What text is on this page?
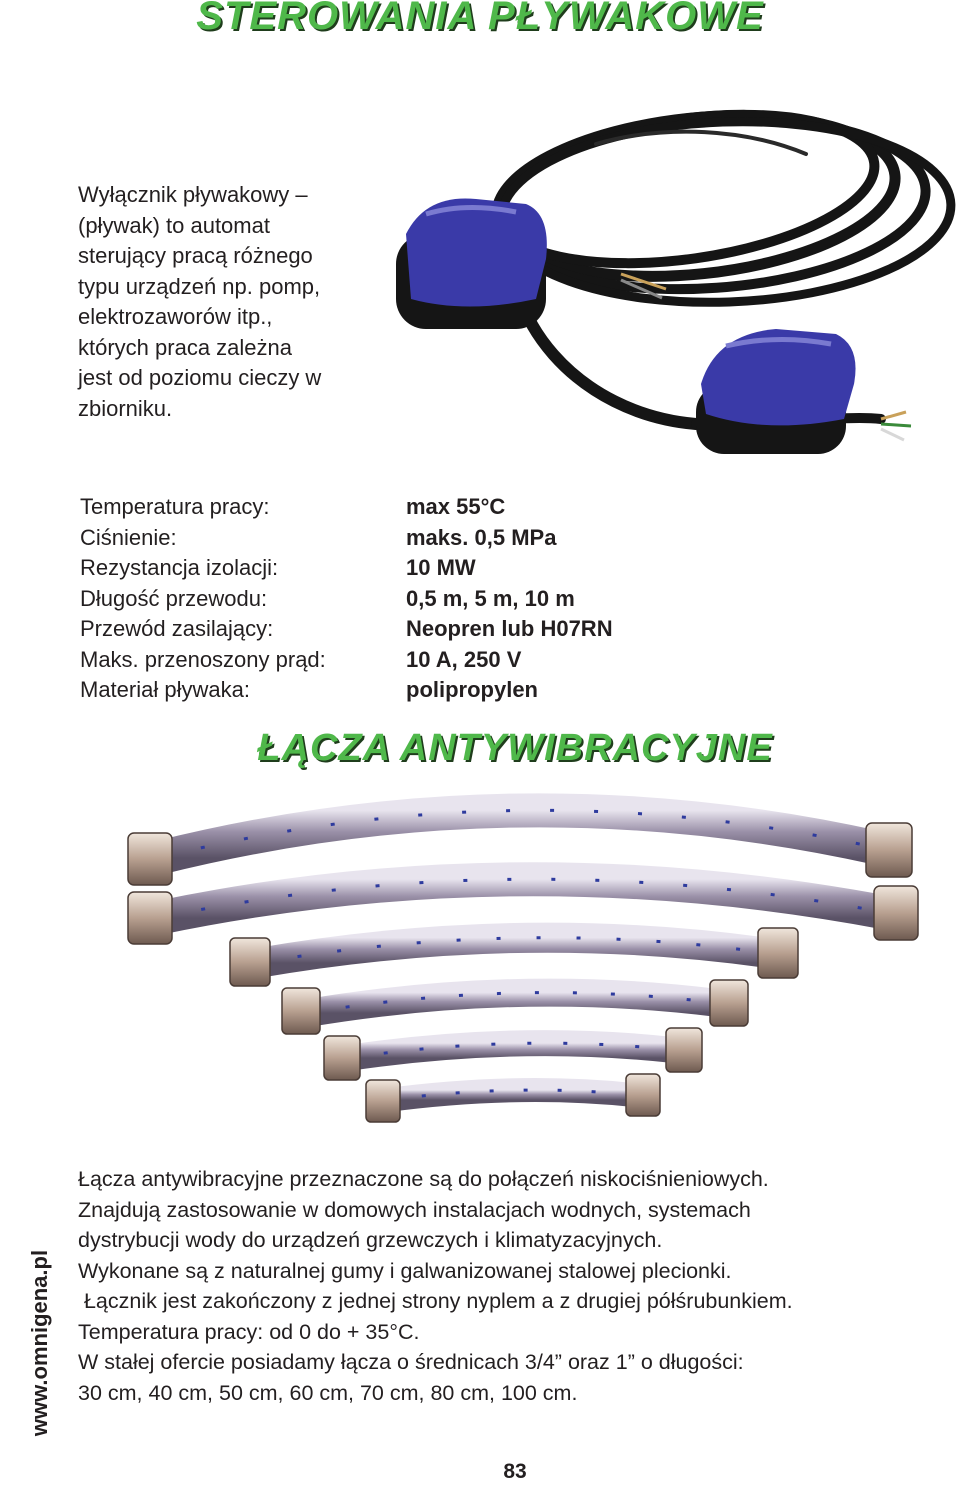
STEROWANIA PŁYWAKOWE
Wyłącznik pływakowy –
(pływak) to automat
sterujący pracą różnego
typu urządzeń np. pomp,
elektrozaworów itp.,
których praca zależna
jest od poziomu cieczy w
zbiorniku.
Temperatura pracy:	max 55°C
Ciśnienie:	maks. 0,5 MPa
Rezystancja izolacji:	10 MW
Długość przewodu:	0,5 m, 5 m, 10 m
Przewód zasilający:	Neopren lub H07RN
Maks. przenoszony prąd:	10 A, 250 V
Materiał pływaka:	polipropylen
ŁĄCZA ANTYWIBRACYJNE
Łącza antywibracyjne przeznaczone są do połączeń niskociśnieniowych.
Znajdują zastosowanie w domowych instalacjach wodnych, systemach
dystrybucji wody do urządzeń grzewczych i klimatyzacyjnych.
Wykonane są z naturalnej gumy i galwanizowanej stalowej plecionki.
Łącznik jest zakończony z jednej strony nyplem a z drugiej półśrubunkiem.
Temperatura pracy: od 0 do + 35°C.
W stałej ofercie posiadamy łącza o średnicach 3/4” oraz 1” o długości:
30 cm, 40 cm, 50 cm, 60 cm, 70 cm, 80 cm, 100 cm.
www.omnigena.pl
83
